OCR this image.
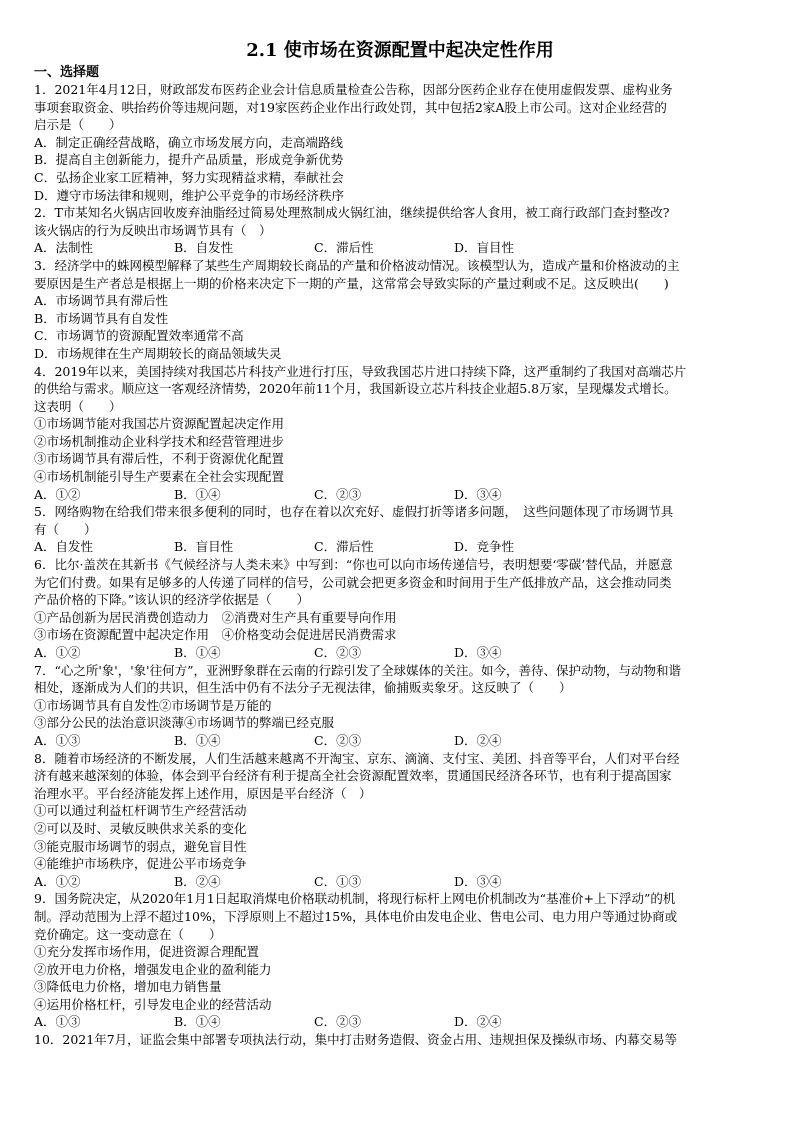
2.1 使市场在资源配置中起决定性作用
一、选择题
1．2021年4月12日，财政部发布医药企业会计信息质量检查公告称，因部分医药企业存在使用虚假发票、虚构业务
事项套取资金、哄抬药价等违规问题，对19家医药企业作出行政处罚，其中包括2家A股上市公司。这对企业经营的
启示是（　　）
A．制定正确经营战略，确立市场发展方向，走高端路线
B．提高自主创新能力，提升产品质量，形成竞争新优势
C．弘扬企业家工匠精神，努力实现精益求精，奉献社会
D．遵守市场法律和规则，维护公平竞争的市场经济秩序
2．T市某知名火锅店回收废弃油脂经过简易处理熬制成火锅红油，继续提供给客人食用，被工商行政部门查封整改?
该火锅店的行为反映出市场调节具有（　）
A．法制性	B．自发性	C．滞后性	D．盲目性
3．经济学中的蛛网模型解释了某些生产周期较长商品的产量和价格波动情况。该模型认为，造成产量和价格波动的主
要原因是生产者总是根据上一期的价格来决定下一期的产量，这常常会导致实际的产量过剩或不足。这反映出(　　)
A．市场调节具有滞后性
B．市场调节具有自发性
C．市场调节的资源配置效率通常不高
D．市场规律在生产周期较长的商品领域失灵
4．2019年以来，美国持续对我国芯片科技产业进行打压，导致我国芯片进口持续下降，这严重制约了我国对高端芯片
的供给与需求。顺应这一客观经济情势，2020年前11个月，我国新设立芯片科技企业超5.8万家，呈现爆发式增长。
这表明（　　）
①市场调节能对我国芯片资源配置起决定作用
②市场机制推动企业科学技术和经营管理进步
③市场调节具有滞后性，不利于资源优化配置
④市场机制能引导生产要素在全社会实现配置
A．①②	B．①④	C．②③	D．③④
5．网络购物在给我们带来很多便利的同时，也存在着以次充好、虚假打折等诸多问题，　这些问题体现了市场调节具
有（　　）
A．自发性	B．盲目性	C．滞后性	D．竞争性
6．比尔·盖茨在其新书《气候经济与人类未来》中写到：“你也可以向市场传递信号，表明想要‘零碳’替代品，并愿意
为它们付费。如果有足够多的人传递了同样的信号，公司就会把更多资金和时间用于生产低排放产品，这会推动同类
产品价格的下降。”该认识的经济学依据是（　　）
①产品创新为居民消费创造动力　②消费对生产具有重要导向作用
③市场在资源配置中起决定作用　④价格变动会促进居民消费需求
A．①②	B．①④	C．②③	D．③④
7．“心之所'象'，'象'往何方”，亚洲野象群在云南的行踪引发了全球媒体的关注。如今，善待、保护动物，与动物和谐
相处，逐渐成为人们的共识，但生活中仍有不法分子无视法律，偷捕贩卖象牙。这反映了（　　）
①市场调节具有自发性②市场调节是万能的
③部分公民的法治意识淡薄④市场调节的弊端已经克服
A．①③	B．①④	C．②③	D．②④
8．随着市场经济的不断发展，人们生活越来越离不开淘宝、京东、滴滴、支付宝、美团、抖音等平台，人们对平台经
济有越来越深刻的体验，体会到平台经济有利于提高全社会资源配置效率，贯通国民经济各环节，也有利于提高国家
治理水平。平台经济能发挥上述作用，原因是平台经济（　）
①可以通过利益杠杆调节生产经营活动
②可以及时、灵敏反映供求关系的变化
③能克服市场调节的弱点，避免盲目性
④能维护市场秩序，促进公平市场竞争
A．①②	B．②④	C．①③	D．③④
9．国务院决定，从2020年1月1日起取消煤电价格联动机制，将现行标杆上网电价机制改为“基准价+上下浮动”的机
制。浮动范围为上浮不超过10%，下浮原则上不超过15%，具体电价由发电企业、售电公司、电力用户等通过协商或
竞价确定。这一变动意在（　　）
①充分发挥市场作用，促进资源合理配置
②放开电力价格，增强发电企业的盈利能力
③降低电力价格，增加电力销售量
④运用价格杠杆，引导发电企业的经营活动
A．①③	B．①④	C．②③	D．②④
10．2021年7月，证监会集中部署专项执法行动，集中打击财务造假、资金占用、违规担保及操纵市场、内幕交易等
